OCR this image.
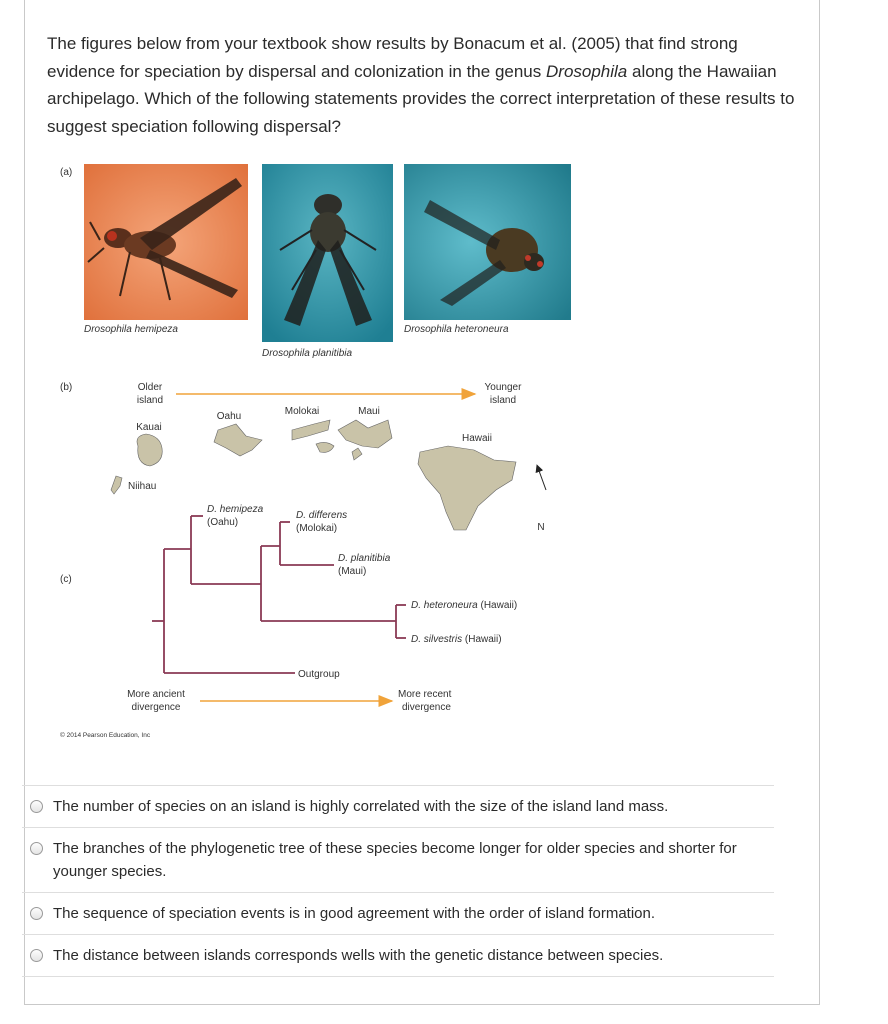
The figures below from your textbook show results by Bonacum et al. (2005) that find strong evidence for speciation by dispersal and colonization in the genus Drosophila along the Hawaiian archipelago. Which of the following statements provides the correct interpretation of these results to suggest speciation following dispersal?

(a)
(b)
(c)
Drosophila hemipeza
Drosophila planitibia
Drosophila heteroneura
Older
island
Younger
island
Kauai
Niihau
Oahu	Molokai	Maui
Hawaii
N
D. hemipeza
(Oahu)
D. differens
(Molokai)
D. planitibia
(Maui)
D. heteroneura (Hawaii)
D. silvestris (Hawaii)
Outgroup
More ancient
divergence
More recent
divergence
© 2014 Pearson Education, Inc
The number of species on an island is highly correlated with the size of the island land mass.
The branches of the phylogenetic tree of these species become longer for older species and shorter for younger species.
The sequence of speciation events is in good agreement with the order of island formation.
The distance between islands corresponds wells with the genetic distance between species.
